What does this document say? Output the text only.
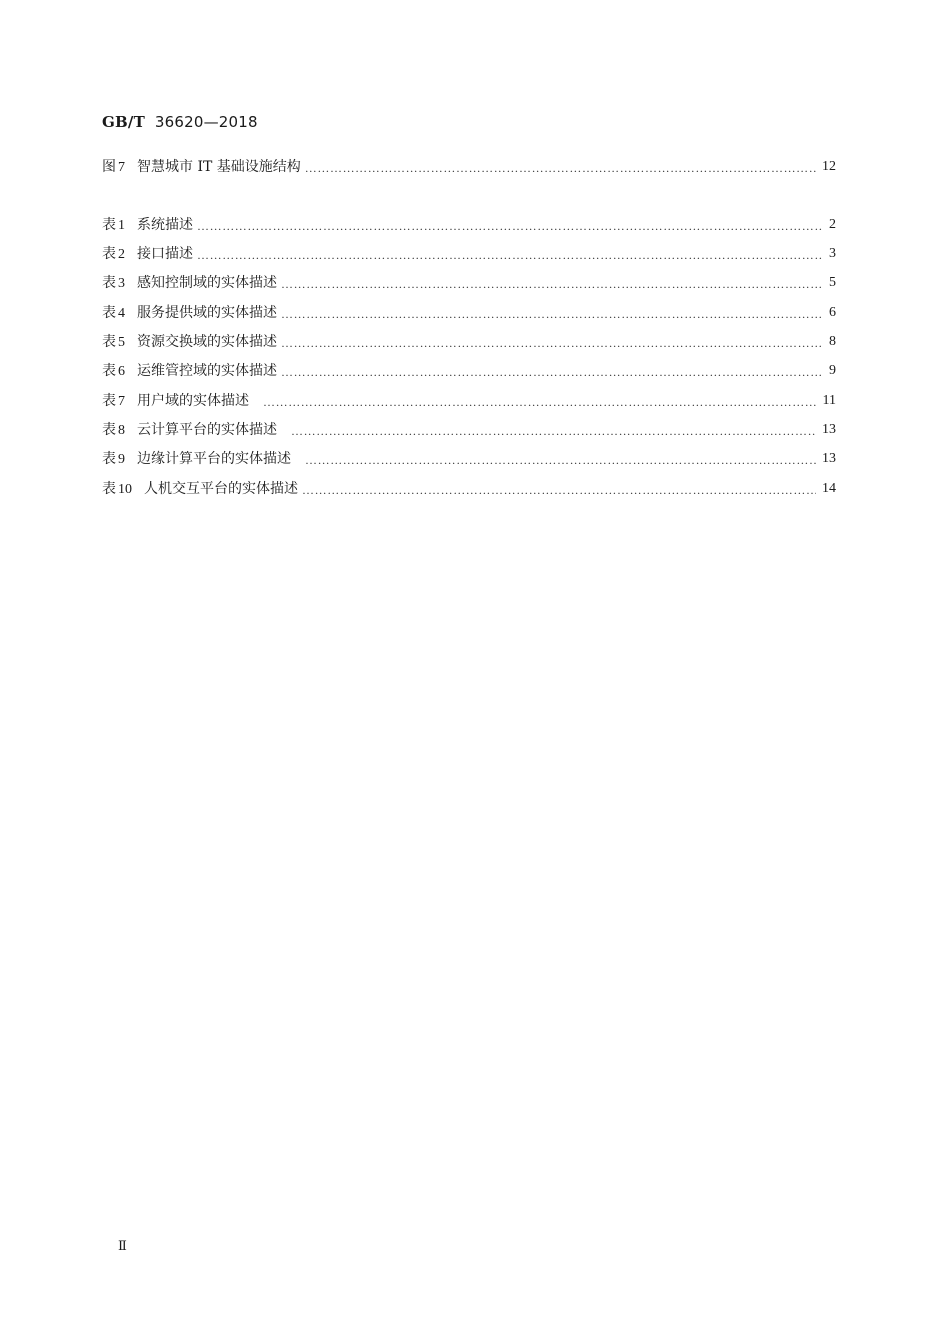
GB/T 36620—2018
图 7 智慧城市 IT 基础设施结构 …………………………………………………………………………………………………………………………………………………………………………………………………………	12
表 1 系统描述 …………………………………………………………………………………………………………………………………………………………………………………………………………	2
表 2 接口描述 …………………………………………………………………………………………………………………………………………………………………………………………………………	3
表 3 感知控制域的实体描述 …………………………………………………………………………………………………………………………………………………………………………………………………………	5
表 4 服务提供域的实体描述 …………………………………………………………………………………………………………………………………………………………………………………………………………	6
表 5 资源交换域的实体描述 …………………………………………………………………………………………………………………………………………………………………………………………………………	8
表 6 运维管控域的实体描述 …………………………………………………………………………………………………………………………………………………………………………………………………………	9
表 7 用户域的实体描述 …………………………………………………………………………………………………………………………………………………………………………………………………………	11
表 8 云计算平台的实体描述 …………………………………………………………………………………………………………………………………………………………………………………………………………	13
表 9 边缘计算平台的实体描述 …………………………………………………………………………………………………………………………………………………………………………………………………………	13
表 10 人机交互平台的实体描述 …………………………………………………………………………………………………………………………………………………………………………………………………………	14
Ⅱ
